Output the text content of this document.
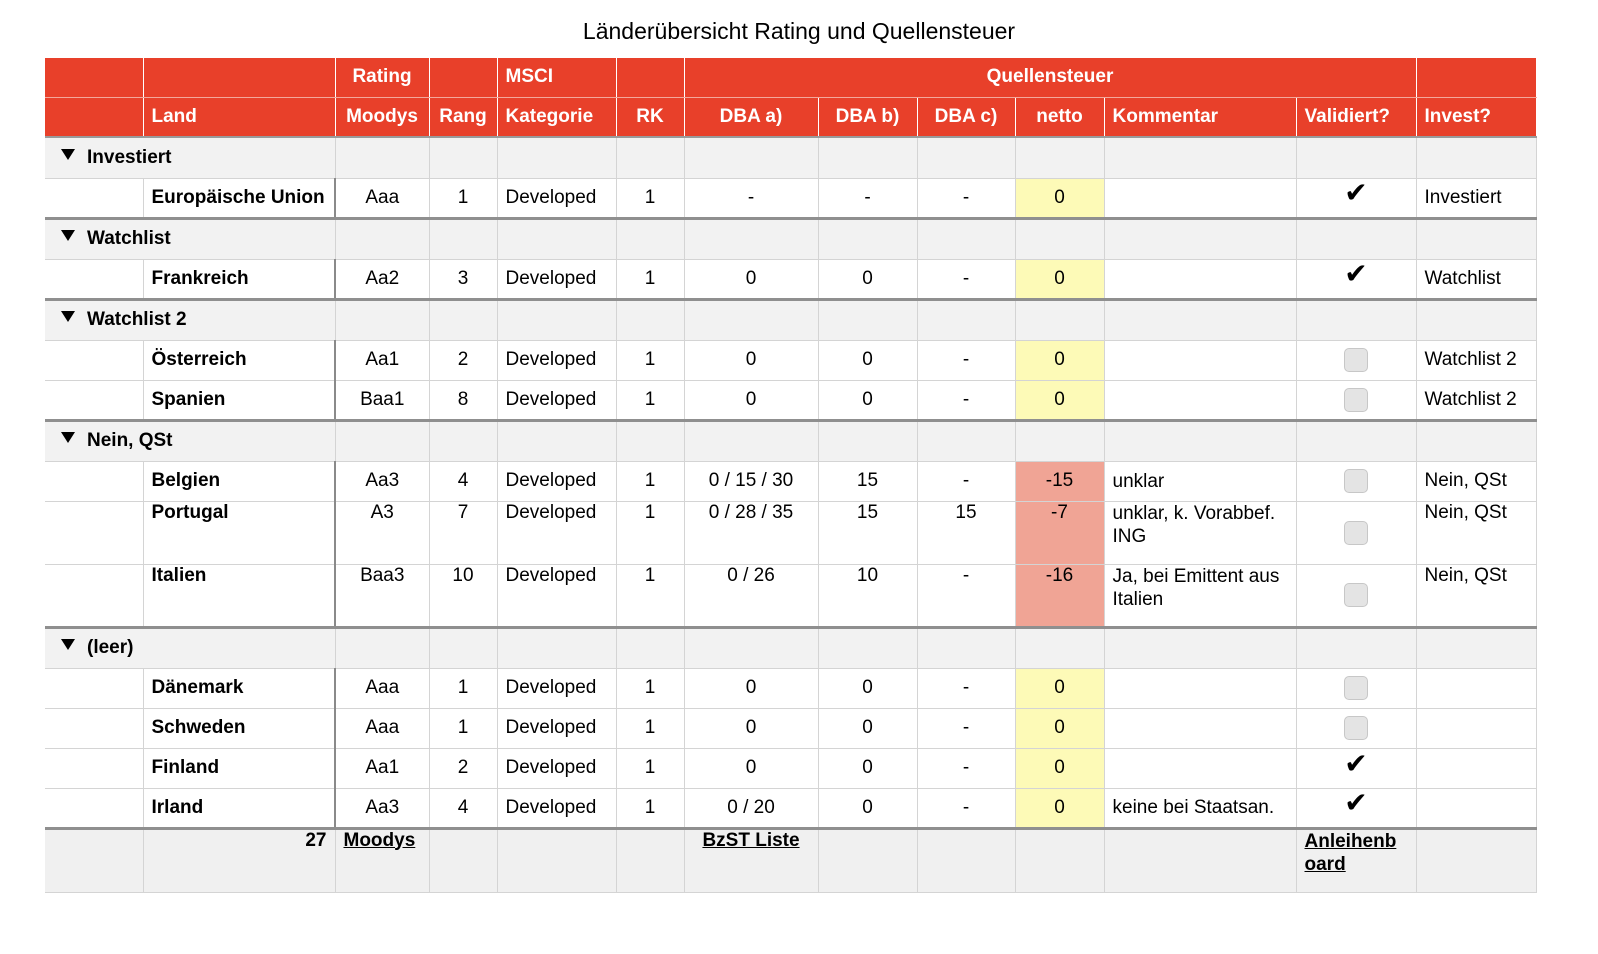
Länderübersicht Rating und Quellensteuer
		Rating		MSCI		Quellensteuer						
	Land	Moodys	Rang	Kategorie	RK	DBA a)	DBA b)	DBA c)	netto	Kommentar	Validiert?	Invest?
Investiert												
	Europäische Union	Aaa	1	Developed	1	-	-	-	0		✔	Investiert
Watchlist												
	Frankreich	Aa2	3	Developed	1	0	0	-	0		✔	Watchlist
Watchlist 2												
	Österreich	Aa1	2	Developed	1	0	0	-	0			Watchlist 2
	Spanien	Baa1	8	Developed	1	0	0	-	0			Watchlist 2
Nein, QSt												
	Belgien	Aa3	4	Developed	1	0 / 15 / 30	15	-	-15	unklar		Nein, QSt
	Portugal	A3	7	Developed	1	0 / 28 / 35	15	15	-7	unklar, k. Vorabbef. ING		Nein, QSt
	Italien	Baa3	10	Developed	1	0 / 26	10	-	-16	Ja, bei Emittent aus Italien		Nein, QSt
(leer)												
	Dänemark	Aaa	1	Developed	1	0	0	-	0			
	Schweden	Aaa	1	Developed	1	0	0	-	0			
	Finland	Aa1	2	Developed	1	0	0	-	0		✔	
	Irland	Aa3	4	Developed	1	0 / 20	0	-	0	keine bei Staatsan.	✔	
	27	Moodys				BzST Liste					Anleihenb oard	
